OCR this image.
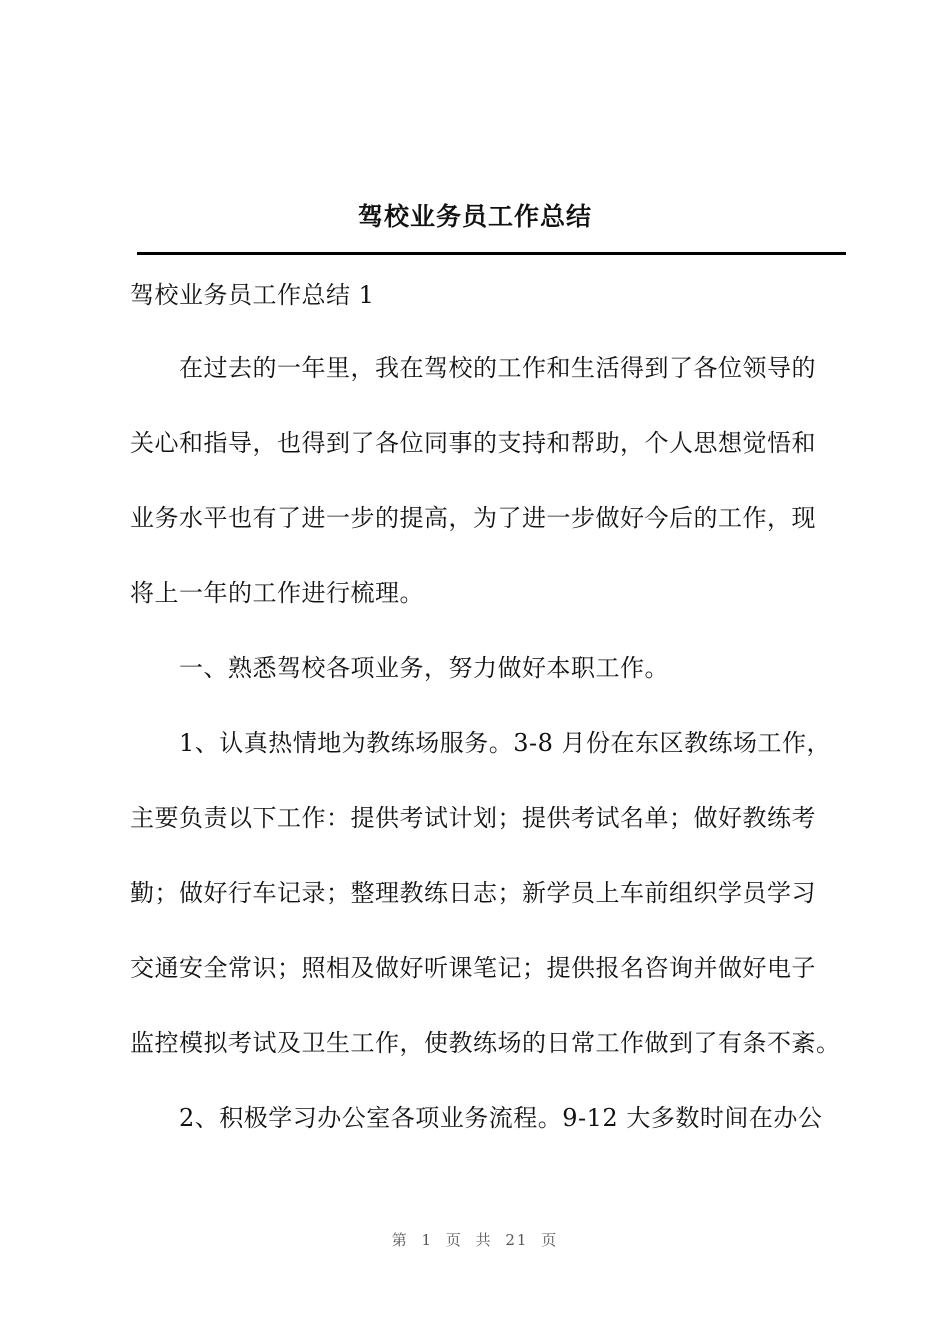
驾校业务员工作总结
驾校业务员工作总结 1
　　在过去的一年里，我在驾校的工作和生活得到了各位领导的
关心和指导，也得到了各位同事的支持和帮助，个人思想觉悟和
业务水平也有了进一步的提高，为了进一步做好今后的工作，现
将上一年的工作进行梳理。
　　一、熟悉驾校各项业务，努力做好本职工作。
　　1、认真热情地为教练场服务。3-8 月份在东区教练场工作，
主要负责以下工作：提供考试计划；提供考试名单；做好教练考
勤；做好行车记录；整理教练日志；新学员上车前组织学员学习
交通安全常识；照相及做好听课笔记；提供报名咨询并做好电子
监控模拟考试及卫生工作，使教练场的日常工作做到了有条不紊。
　　2、积极学习办公室各项业务流程。9-12 大多数时间在办公
第 1 页 共 21 页
